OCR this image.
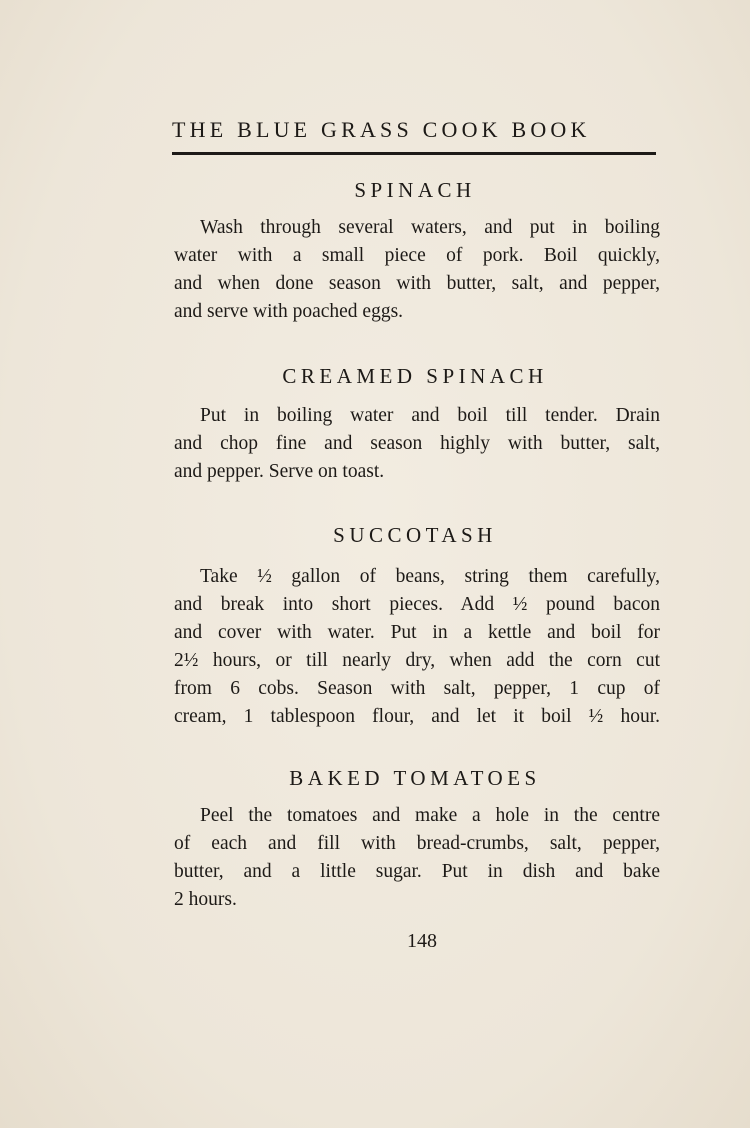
THE BLUE GRASS COOK BOOK
SPINACH
Wash through several waters, and put in boiling
water with a small piece of pork. Boil quickly,
and when done season with butter, salt, and pepper,
and serve with poached eggs.
CREAMED SPINACH
Put in boiling water and boil till tender. Drain
and chop fine and season highly with butter, salt,
and pepper. Serve on toast.
SUCCOTASH
Take ½ gallon of beans, string them carefully,
and break into short pieces. Add ½ pound bacon
and cover with water. Put in a kettle and boil for
2½ hours, or till nearly dry, when add the corn cut
from 6 cobs. Season with salt, pepper, 1 cup of
cream, 1 tablespoon flour, and let it boil ½ hour.
BAKED TOMATOES
Peel the tomatoes and make a hole in the centre
of each and fill with bread-crumbs, salt, pepper,
butter, and a little sugar. Put in dish and bake
2 hours.
148
